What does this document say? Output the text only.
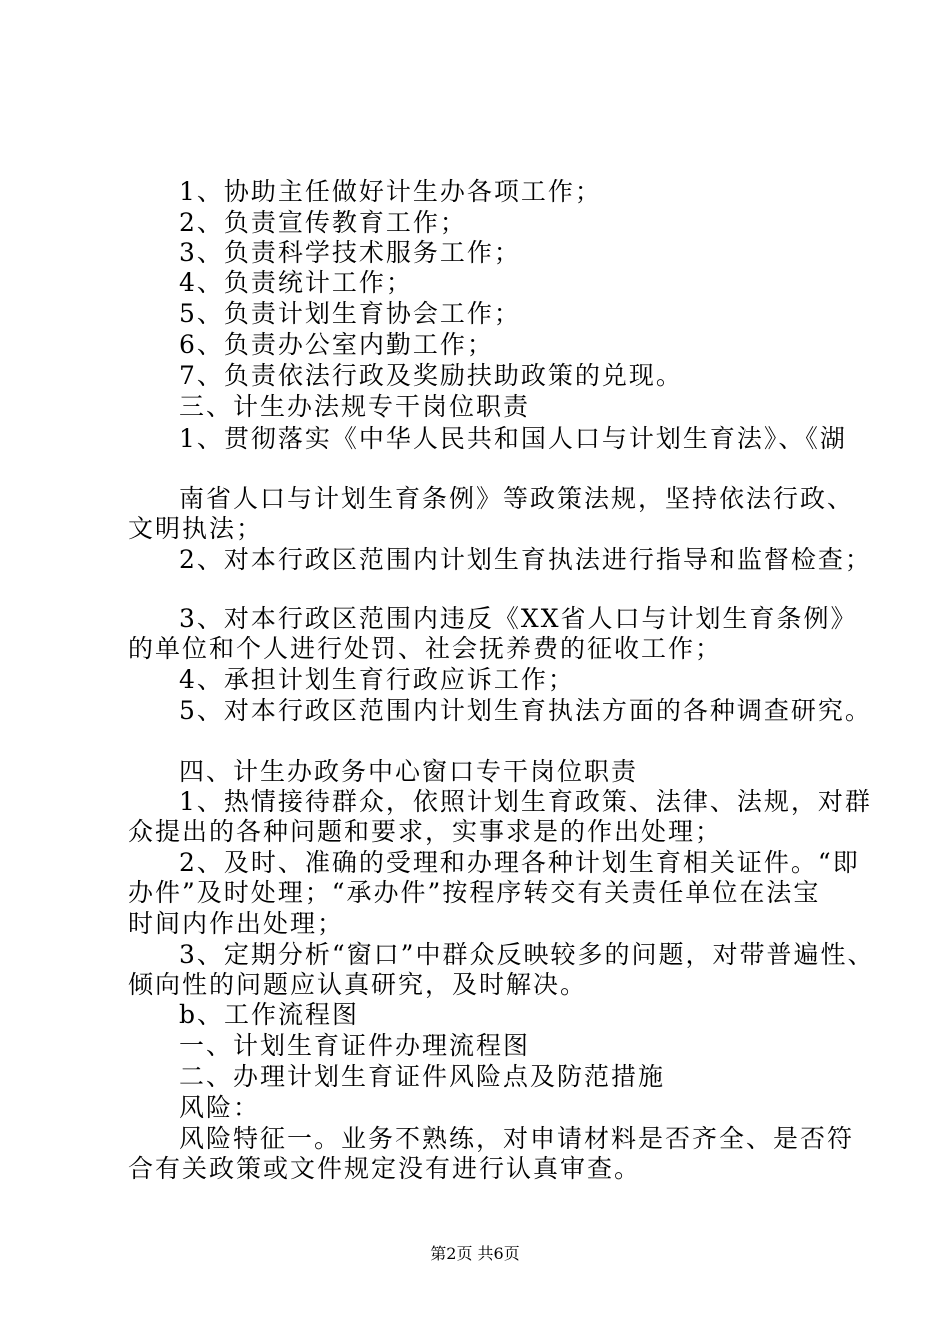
1、协助主任做好计生办各项工作；
2、负责宣传教育工作；
3、负责科学技术服务工作；
4、负责统计工作；
5、负责计划生育协会工作；
6、负责办公室内勤工作；
7、负责依法行政及奖励扶助政策的兑现。
三、计生办法规专干岗位职责
1、贯彻落实《中华人民共和国人口与计划生育法》、《湖
南省人口与计划生育条例》等政策法规，坚持依法行政、
文明执法；
2、对本行政区范围内计划生育执法进行指导和监督检查；
3、对本行政区范围内违反《XX省人口与计划生育条例》
的单位和个人进行处罚、社会抚养费的征收工作；
4、承担计划生育行政应诉工作；
5、对本行政区范围内计划生育执法方面的各种调查研究。
四、计生办政务中心窗口专干岗位职责
1、热情接待群众，依照计划生育政策、法律、法规，对群
众提出的各种问题和要求，实事求是的作出处理；
2、及时、准确的受理和办理各种计划生育相关证件。“即
办件”及时处理；“承办件”按程序转交有关责任单位在法宝
时间内作出处理；
3、定期分析“窗口”中群众反映较多的问题，对带普遍性、
倾向性的问题应认真研究，及时解决。
b、工作流程图
一、计划生育证件办理流程图
二、办理计划生育证件风险点及防范措施
风险：
风险特征一。业务不熟练，对申请材料是否齐全、是否符
合有关政策或文件规定没有进行认真审查。
第2页 共6页
